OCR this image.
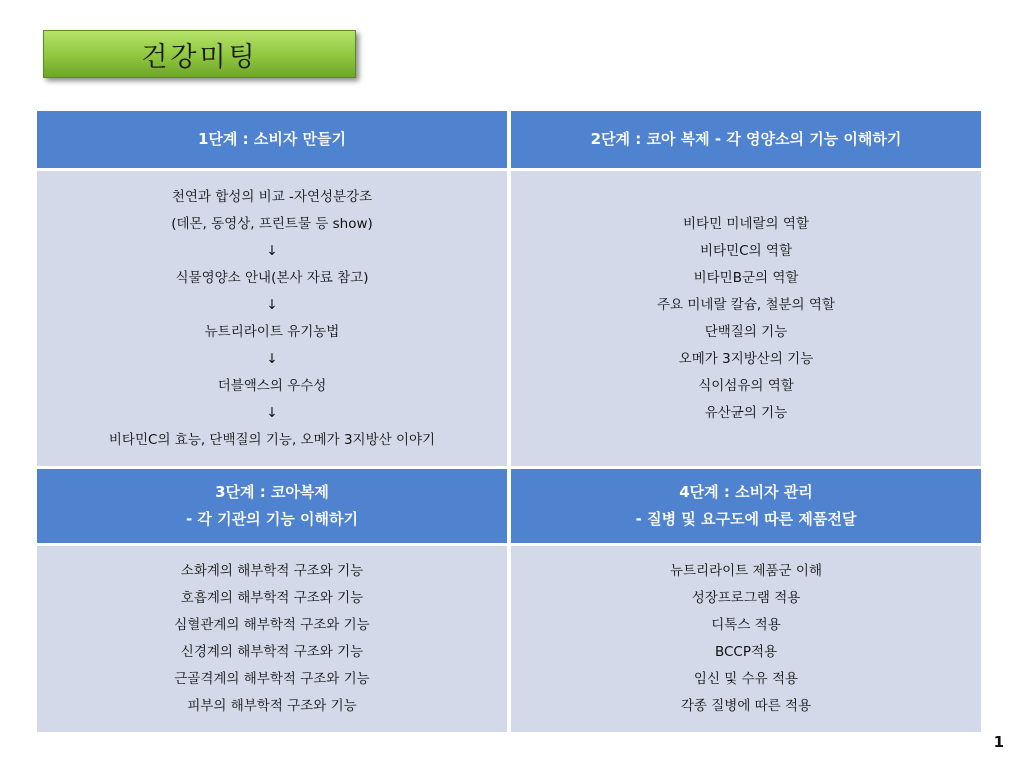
건강미팅
1단계 : 소비자 만들기	2단계 : 코아 복제 - 각 영양소의 기능 이해하기
천연과 합성의 비교 -자연성분강조
(데몬, 동영상, 프린트물 등 show)
↓
식물영양소 안내(본사 자료 참고)
↓
뉴트리라이트 유기농법
↓
더블액스의 우수성
↓
비타민C의 효능, 단백질의 기능, 오메가 3지방산 이야기
비타민 미네랄의 역할
비타민C의 역할
비타민B군의 역할
주요 미네랄 칼슘, 철분의 역할
단백질의 기능
오메가 3지방산의 기능
식이섬유의 역할
유산균의 기능
3단계 : 코아복제
- 각 기관의 기능 이해하기
4단계 : 소비자 관리
- 질병 및 요구도에 따른 제품전달
소화계의 해부학적 구조와 기능
호흡계의 해부학적 구조와 기능
심혈관계의 해부학적 구조와 기능
신경계의 해부학적 구조와 기능
근골격계의 해부학적 구조와 기능
피부의 해부학적 구조와 기능
뉴트리라이트 제품군 이해
성장프로그램 적용
디톡스 적용
BCCP적용
임신 및 수유 적용
각종 질병에 따른 적용
1
